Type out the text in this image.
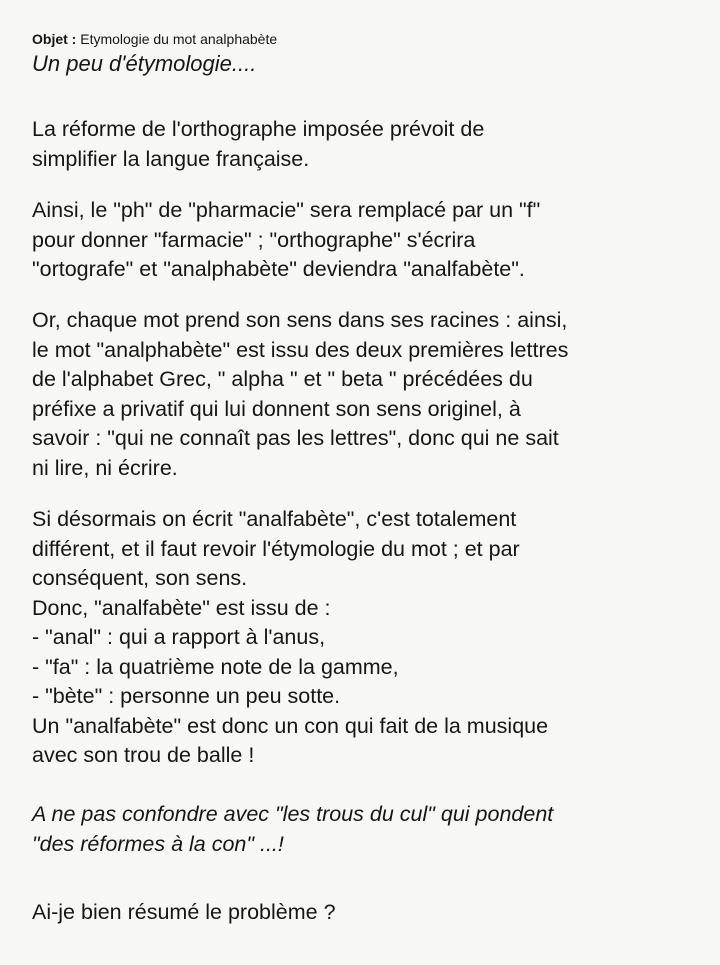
Objet : Etymologie du mot analphabète
Un peu d'étymologie....

La réforme de l'orthographe imposée prévoit de
simplifier la langue française.

Ainsi, le "ph" de "pharmacie" sera remplacé par un "f"
pour donner "farmacie" ; "orthographe" s'écrira
"ortografe" et "analphabète" deviendra "analfabète".

Or, chaque mot prend son sens dans ses racines : ainsi,
le mot "analphabète" est issu des deux premières lettres
de l'alphabet Grec, " alpha " et " beta " précédées du
préfixe a privatif qui lui donnent son sens originel, à
savoir : "qui ne connaît pas les lettres", donc qui ne sait
ni lire, ni écrire.

Si désormais on écrit "analfabète", c'est totalement
différent, et il faut revoir l'étymologie du mot ; et par
conséquent, son sens.
Donc, "analfabète" est issu de :
- "anal" : qui a rapport à l'anus,
- "fa" : la quatrième note de la gamme,
- "bète" : personne un peu sotte.
Un "analfabète" est donc un con qui fait de la musique
avec son trou de balle !

A ne pas confondre avec "les trous du cul" qui pondent
"des réformes à la con" ...!

Ai-je bien résumé le problème ?
